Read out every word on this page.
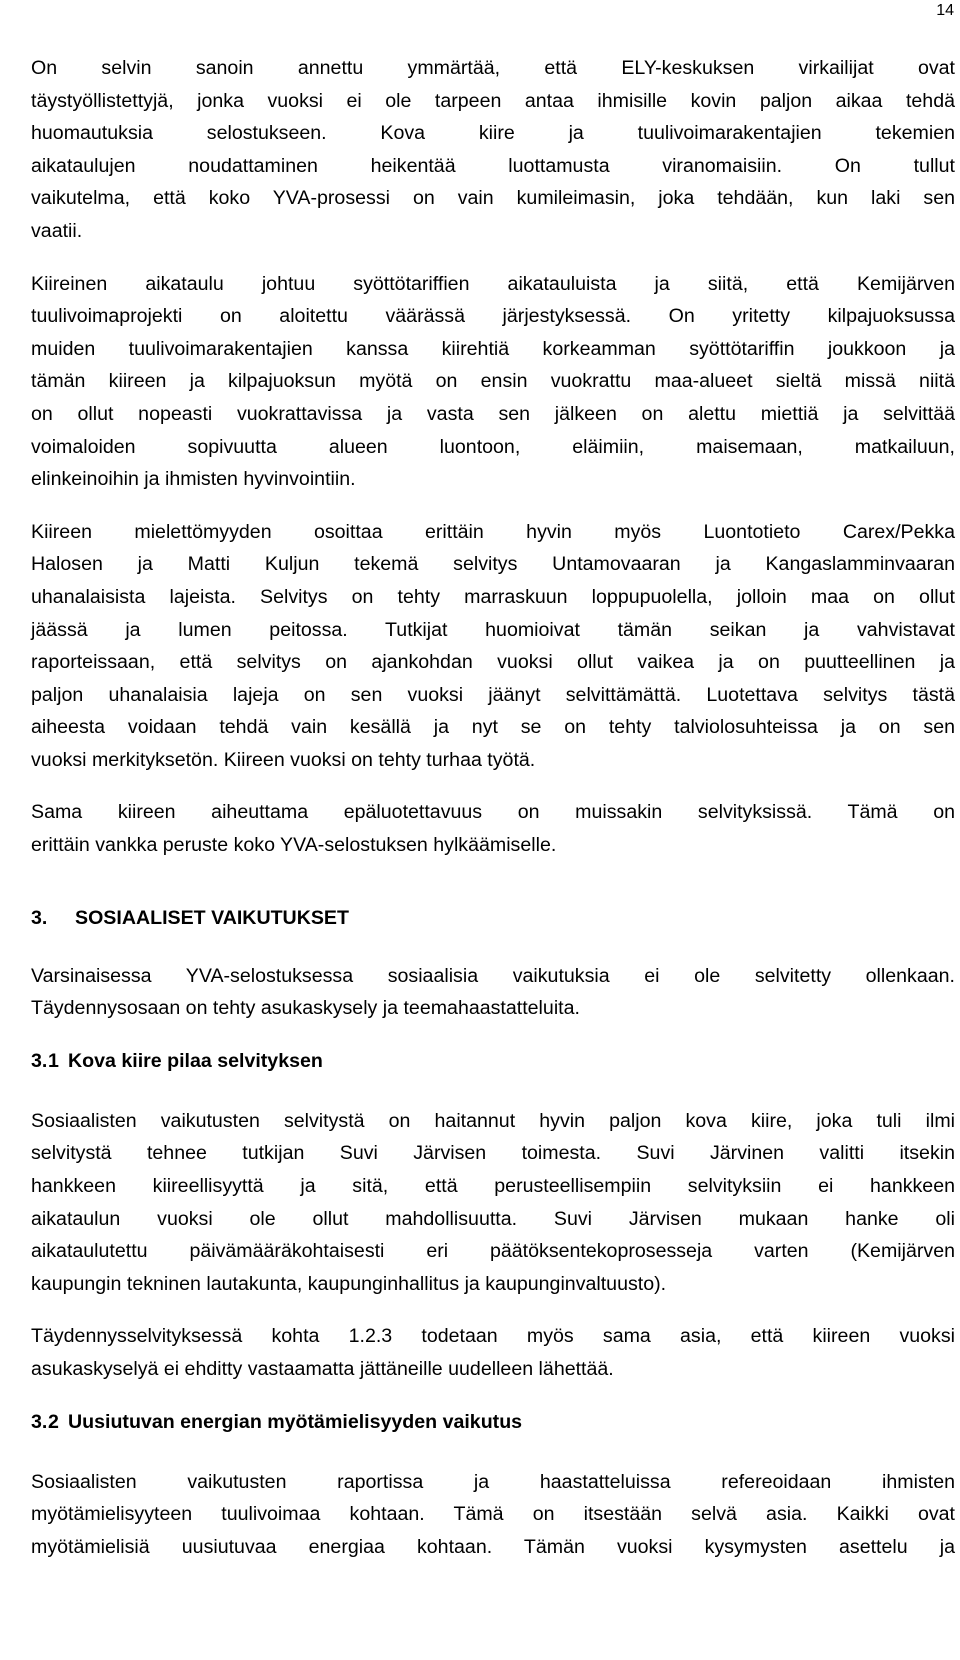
14

On selvin sanoin annettu ymmärtää, että ELY-keskuksen virkailijat ovat
täystyöllistettyjä, jonka vuoksi ei ole tarpeen antaa ihmisille kovin paljon aikaa tehdä
huomautuksia selostukseen. Kova kiire ja tuulivoimarakentajien tekemien
aikataulujen noudattaminen heikentää luottamusta viranomaisiin. On tullut
vaikutelma, että koko YVA-prosessi on vain kumileimasin, joka tehdään, kun laki sen
vaatii.

Kiireinen aikataulu johtuu syöttötariffien aikatauluista ja siitä, että Kemijärven
tuulivoimaprojekti on aloitettu väärässä järjestyksessä. On yritetty kilpajuoksussa
muiden tuulivoimarakentajien kanssa kiirehtiä korkeamman syöttötariffin joukkoon ja
tämän kiireen ja kilpajuoksun myötä on ensin vuokrattu maa-alueet sieltä missä niitä
on ollut nopeasti vuokrattavissa ja vasta sen jälkeen on alettu miettiä ja selvittää
voimaloiden sopivuutta alueen luontoon, eläimiin, maisemaan, matkailuun,
elinkeinoihin ja ihmisten hyvinvointiin.

Kiireen mielettömyyden osoittaa erittäin hyvin myös Luontotieto Carex/Pekka
Halosen ja Matti Kuljun tekemä selvitys Untamovaaran ja Kangaslamminvaaran
uhanalaisista lajeista. Selvitys on tehty marraskuun loppupuolella, jolloin maa on ollut
jäässä ja lumen peitossa. Tutkijat huomioivat tämän seikan ja vahvistavat
raporteissaan, että selvitys on ajankohdan vuoksi ollut vaikea ja on puutteellinen ja
paljon uhanalaisia lajeja on sen vuoksi jäänyt selvittämättä. Luotettava selvitys tästä
aiheesta voidaan tehdä vain kesällä ja nyt se on tehty talviolosuhteissa ja on sen
vuoksi merkityksetön. Kiireen vuoksi on tehty turhaa työtä.

Sama kiireen aiheuttama epäluotettavuus on muissakin selvityksissä. Tämä on
erittäin vankka peruste koko YVA-selostuksen hylkäämiselle.

3. SOSIAALISET VAIKUTUKSET

Varsinaisessa YVA-selostuksessa sosiaalisia vaikutuksia ei ole selvitetty ollenkaan.
Täydennysosaan on tehty asukaskysely ja teemahaastatteluita.

3.1 Kova kiire pilaa selvityksen

Sosiaalisten vaikutusten selvitystä on haitannut hyvin paljon kova kiire, joka tuli ilmi
selvitystä tehnee tutkijan Suvi Järvisen toimesta. Suvi Järvinen valitti itsekin
hankkeen kiireellisyyttä ja sitä, että perusteellisempiin selvityksiin ei hankkeen
aikataulun vuoksi ole ollut mahdollisuutta. Suvi Järvisen mukaan hanke oli
aikataulutettu päivämääräkohtaisesti eri päätöksentekoprosesseja varten (Kemijärven
kaupungin tekninen lautakunta, kaupunginhallitus ja kaupunginvaltuusto).

Täydennysselvityksessä kohta 1.2.3 todetaan myös sama asia, että kiireen vuoksi
asukaskyselyä ei ehditty vastaamatta jättäneille uudelleen lähettää.

3.2 Uusiutuvan energian myötämielisyyden vaikutus

Sosiaalisten vaikutusten raportissa ja haastatteluissa refereoidaan ihmisten
myötämielisyyteen tuulivoimaa kohtaan. Tämä on itsestään selvä asia. Kaikki ovat
myötämielisiä uusiutuvaa energiaa kohtaan. Tämän vuoksi kysymysten asettelu ja
